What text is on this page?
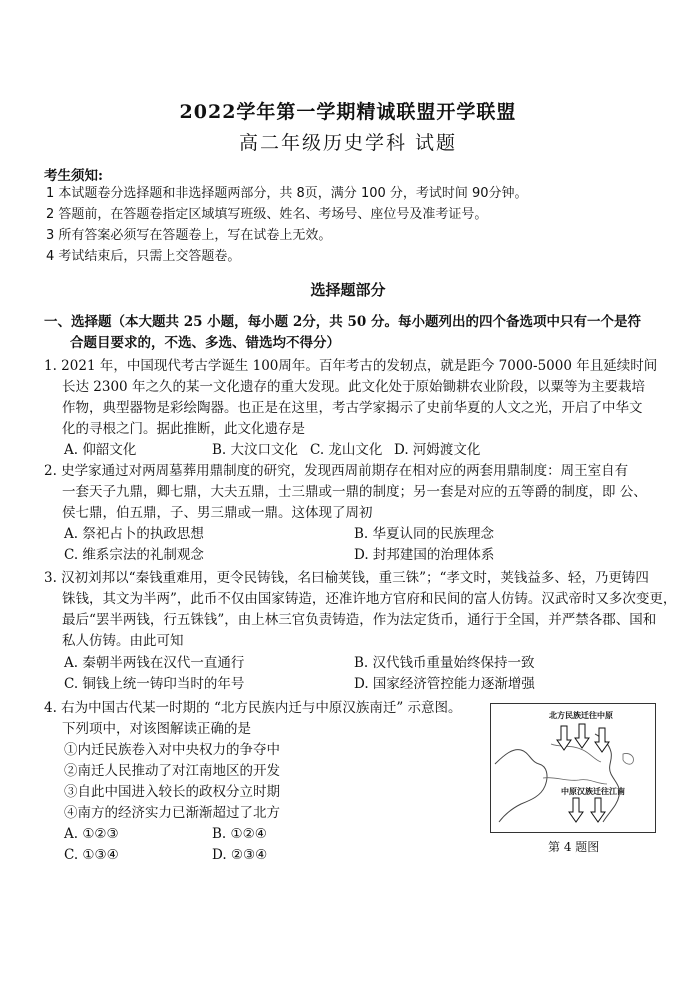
2022学年第一学期精诚联盟开学联盟
高二年级历史学科 试题
考生须知:
1 本试题卷分选择题和非选择题两部分，共 8页，满分 100 分，考试时间 90分钟。
2 答题前，在答题卷指定区域填写班级、姓名、考场号、座位号及准考证号。
3 所有答案必须写在答题卷上，写在试卷上无效。
4 考试结束后，只需上交答题卷。
选择题部分
一、选择题（本大题共 25 小题，每小题 2分，共 50 分。每小题列出的四个备选项中只有一个是符
合题目要求的，不选、多选、错选均不得分）
1. 2021 年，中国现代考古学诞生 100周年。百年考古的发轫点，就是距今 7000-5000 年且延续时间
长达 2300 年之久的某一文化遗存的重大发现。此文化处于原始锄耕农业阶段，以粟等为主要栽培
作物，典型器物是彩绘陶器。也正是在这里，考古学家揭示了史前华夏的人文之光，开启了中华文
化的寻根之门。据此推断，此文化遗存是
A. 仰韶文化	B. 大汶口文化 C. 龙山文化 D. 河姆渡文化
2. 史学家通过对两周墓葬用鼎制度的研究，发现西周前期存在相对应的两套用鼎制度：周王室自有
一套天子九鼎，卿七鼎，大夫五鼎，士三鼎或一鼎的制度；另一套是对应的五等爵的制度，即 公、
侯七鼎，伯五鼎，子、男三鼎或一鼎。这体现了周初
A. 祭祀占卜的执政思想	B. 华夏认同的民族理念
C. 维系宗法的礼制观念	D. 封邦建国的治理体系
3. 汉初刘邦以“秦钱重难用，更令民铸钱，名曰榆荚钱，重三铢”；“孝文时，荚钱益多、轻，乃更铸四
铢钱，其文为半两”，此币不仅由国家铸造，还准许地方官府和民间的富人仿铸。汉武帝时又多次变更，
最后“罢半两钱，行五铢钱”，由上林三官负责铸造，作为法定货币，通行于全国，并严禁各郡、国和
私人仿铸。由此可知
A. 秦朝半两钱在汉代一直通行	B. 汉代钱币重量始终保持一致
C. 铜钱上统一铸印当时的年号	D. 国家经济管控能力逐渐增强
4. 右为中国古代某一时期的 “北方民族内迁与中原汉族南迁” 示意图。
下列项中，对该图解读正确的是
①内迁民族卷入对中央权力的争夺中
②南迁人民推动了对江南地区的开发
③自此中国进入较长的政权分立时期
④南方的经济实力已渐渐超过了北方
A. ①②③	B. ①②④
C. ①③④	D. ②③④
北方民族迁往中原
中原汉族迁往江南
第 4 题图
